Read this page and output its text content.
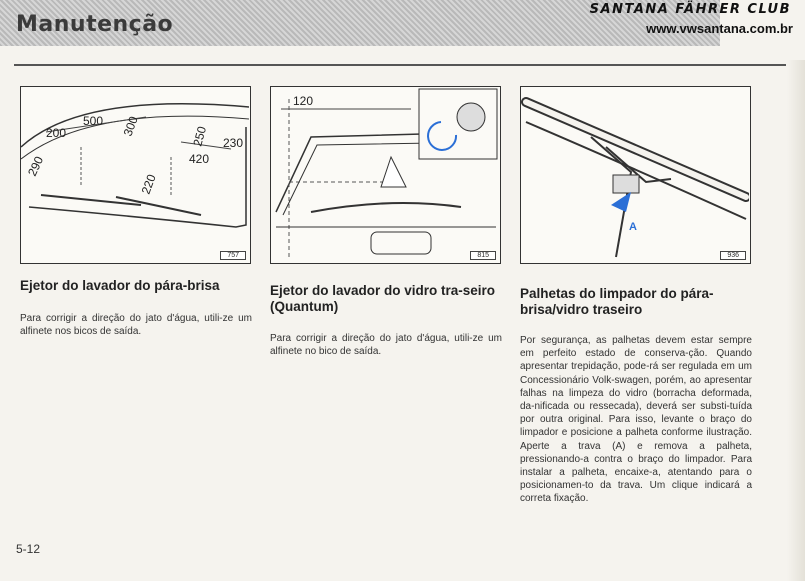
Manutenção
SANTANA FÄHRER CLUB
www.vwsantana.com.br
500 300
200
290
250 230
420
220
757
120
815
A
936
Ejetor do lavador do pára-brisa
Para corrigir a direção do jato d'água, utili-ze um alfinete nos bicos de saída.
Ejetor do lavador do vidro tra-seiro (Quantum)
Para corrigir a direção do jato d'água, utili-ze um alfinete no bico de saída.
Palhetas do limpador do pára-brisa/vidro traseiro
Por segurança, as palhetas devem estar sempre em perfeito estado de conserva-ção. Quando apresentar trepidação, pode-rá ser regulada em um Concessionário Volk-swagen, porém, ao apresentar falhas na limpeza do vidro (borracha deformada, da-nificada ou ressecada), deverá ser substi-tuída por outra original. Para isso, levante o braço do limpador e posicione a palheta conforme ilustração. Aperte a trava (A) e remova a palheta, pressionando-a contra o braço do limpador. Para instalar a palheta, encaixe-a, atentando para o posicionamen-to da trava. Um clique indicará a correta fixação.
5-12
